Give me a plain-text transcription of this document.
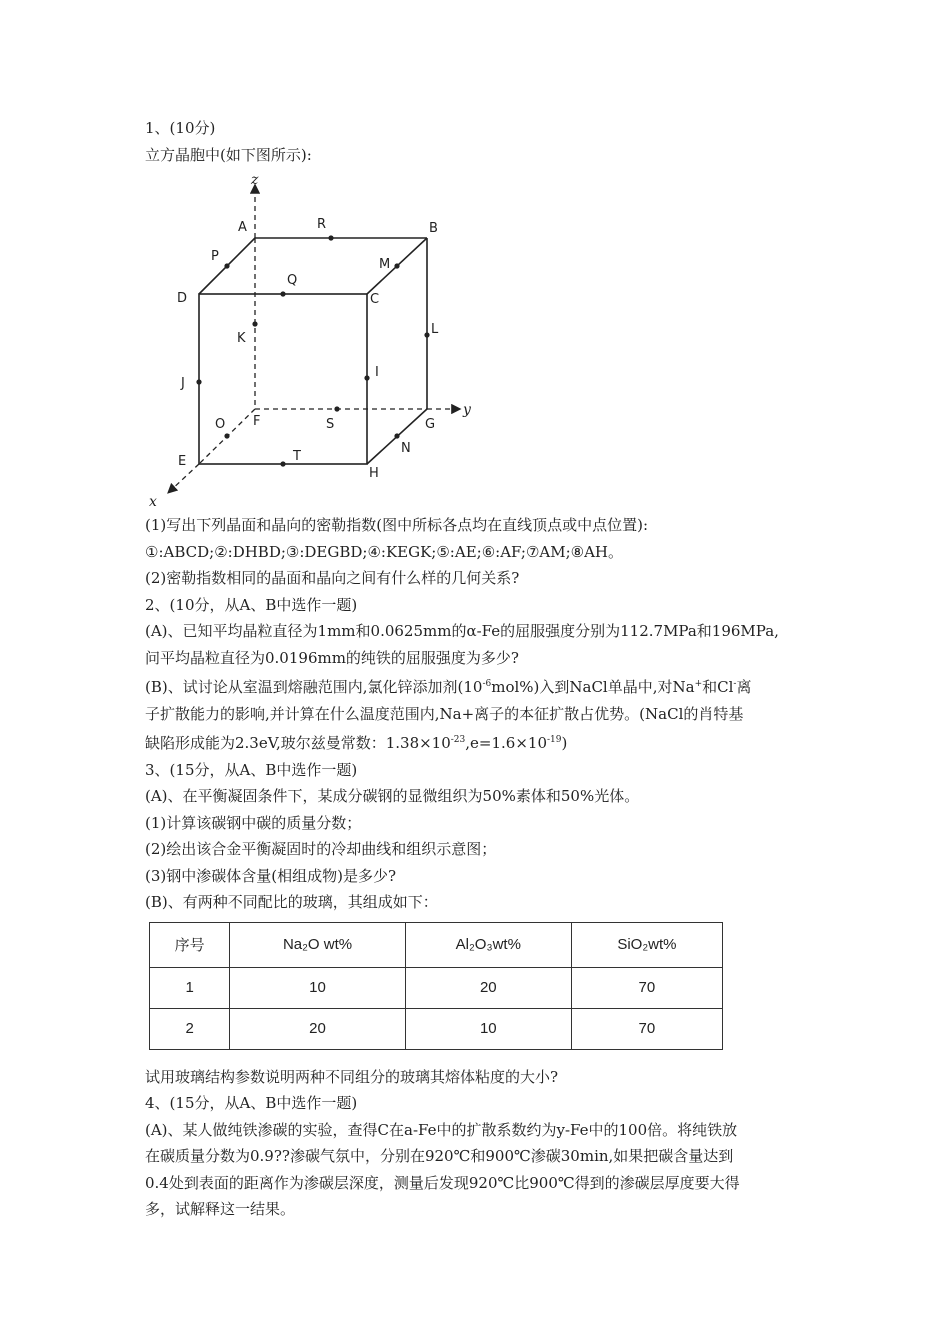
1、(10分)
立方晶胞中(如下图所示):
z
y
x
A	B
C
D
E
F	G
H
R
P
M
Q
K
L
I
J
O	S
N
T
(1)写出下列晶面和晶向的密勒指数(图中所标各点均在直线顶点或中点位置):
①:ABCD;②:DHBD;③:DEGBD;④:KEGK;⑤:AE;⑥:AF;⑦AM;⑧AH。
(2)密勒指数相同的晶面和晶向之间有什么样的几何关系?
2、(10分，从A、B中选作一题)
(A)、已知平均晶粒直径为1mm和0.0625mm的α-Fe的屈服强度分别为112.7MPa和196MPa,
问平均晶粒直径为0.0196mm的纯铁的屈服强度为多少?
(B)、试讨论从室温到熔融范围内,氯化锌添加剂$(10^{-6}mol\%)$入到NaCl单晶中,对Na+和Cl-离
子扩散能力的影响,并计算在什么温度范围内,Na+离子的本征扩散占优势。(NaCl的肖特基
缺陷形成能为2.3eV,玻尔兹曼常数：$1.38\times 10^{-23},e=1.6\times 10^{-19}$)
3、(15分，从A、B中选作一题)
(A)、在平衡凝固条件下，某成分碳钢的显微组织为50%素体和50%光体。
(1)计算该碳钢中碳的质量分数；
(2)绘出该合金平衡凝固时的冷却曲线和组织示意图；
(3)钢中渗碳体含量(相组成物)是多少?
(B)、有两种不同配比的玻璃，其组成如下：
序号	Na₂O wt%	Al₂O₃wt%	SiO₂wt%
1	10	20	70
2	20	10	70
试用玻璃结构参数说明两种不同组分的玻璃其熔体粘度的大小?
4、(15分，从A、B中选作一题)
(A)、某人做纯铁渗碳的实验，查得C在a-Fe中的扩散系数约为y-Fe中的100倍。将纯铁放
在碳质量分数为0.9??渗碳气氛中，分别在920℃和900℃渗碳30min,如果把碳含量达到
0.4处到表面的距离作为渗碳层深度，测量后发现920℃比900℃得到的渗碳层厚度要大得
多，试解释这一结果。
